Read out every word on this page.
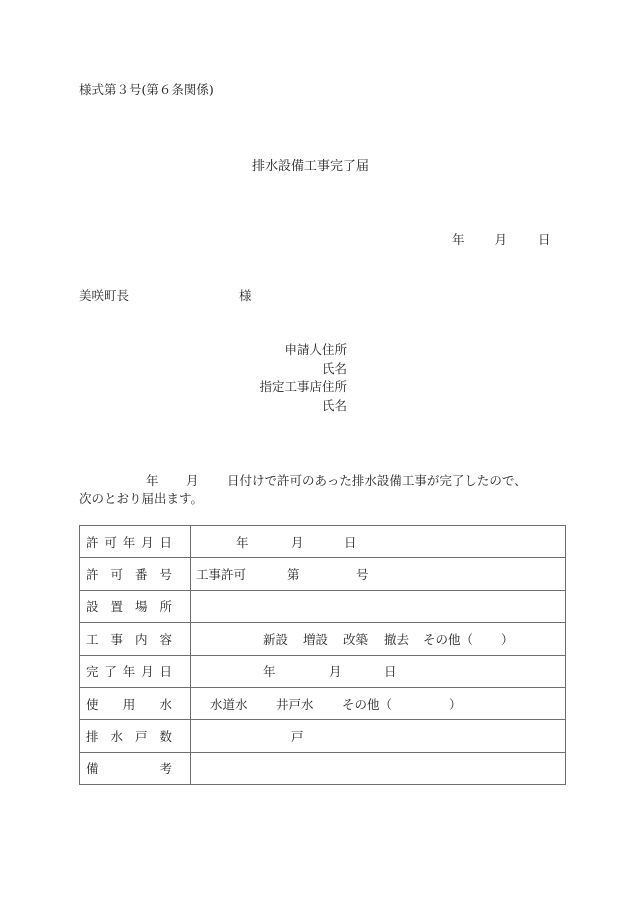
様式第３号(第６条関係)
排水設備工事完了届
年 月 日
美咲町長	様
申請人住所
氏名
指定工事店住所
氏名
年 月 日付けで許可のあった排水設備工事が完了したので、
次のとおり届出ます。
許 可 年 月 日	年 月 日

許 可 番 号	工事許可 第 号

設 置 場 所	

工 事 内 容	新設 増設 改築 撤去 その他（ ）

完 了 年 月 日	年 月 日

使 用 水	水道水 井戸水 その他（ ）

排 水 戸 数	戸

備 考	
